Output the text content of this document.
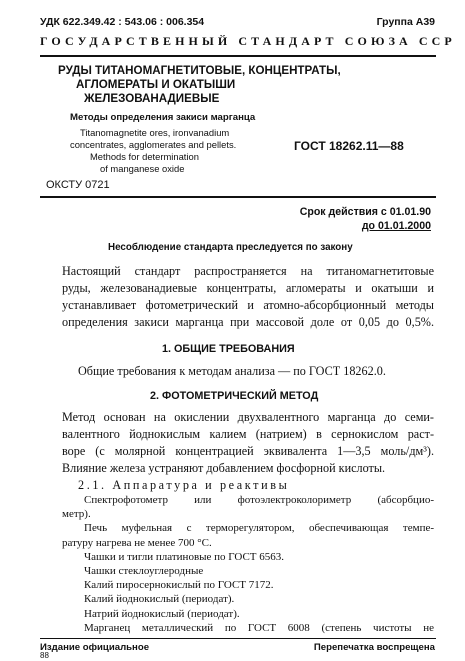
УДК 622.349.42 : 543.06 : 006.354	Группа А39
ГОСУДАРСТВЕННЫЙ СТАНДАРТ СОЮЗА ССР
РУДЫ ТИТАНОМАГНЕТИТОВЫЕ, КОНЦЕНТРАТЫ,
АГЛОМЕРАТЫ И ОКАТЫШИ
ЖЕЛЕЗОВАНАДИЕВЫЕ
Методы определения закиси марганца
Titanomagnetite ores, ironvanadium
concentrates, agglomerates and pellets.
Methods for determination
of manganese oxide
ГОСТ 18262.11—88
ОКСТУ 0721
Срок действия с 01.01.90
до 01.01.2000
Несоблюдение стандарта преследуется по закону
Настоящий стандарт распространяется на титаномагнетитовые
руды, железованадиевые концентраты, агломераты и окатыши и
устанавливает фотометрический и атомно-абсорбционный методы
определения закиси марганца при массовой доле от 0,05 до 0,5%.
1. ОБЩИЕ ТРЕБОВАНИЯ
Общие требования к методам анализа — по ГОСТ 18262.0.
2. ФОТОМЕТРИЧЕСКИЙ МЕТОД
Метод основан на окислении двухвалентного марганца до семи-
валентного йоднокислым калием (натрием) в сернокислом раст-
воре (с молярной концентрацией эквивалента 1—3,5 моль/дм³).
Влияние железа устраняют добавлением фосфорной кислоты.
2.1. Аппаратура и реактивы
Спектрофотометр или фотоэлектроколориметр (абсорбцио-
метр).
Печь муфельная с терморегулятором, обеспечивающая темпе-
ратуру нагрева не менее 700 °С.
Чашки и тигли платиновые по ГОСТ 6563.
Чашки стеклоуглеродные
Калий пиросернокислый по ГОСТ 7172.
Калий йоднокислый (периодат).
Натрий йоднокислый (периодат).
Марганец металлический по ГОСТ 6008 (степень чистоты не
Издание официальное	Перепечатка воспрещена
88
